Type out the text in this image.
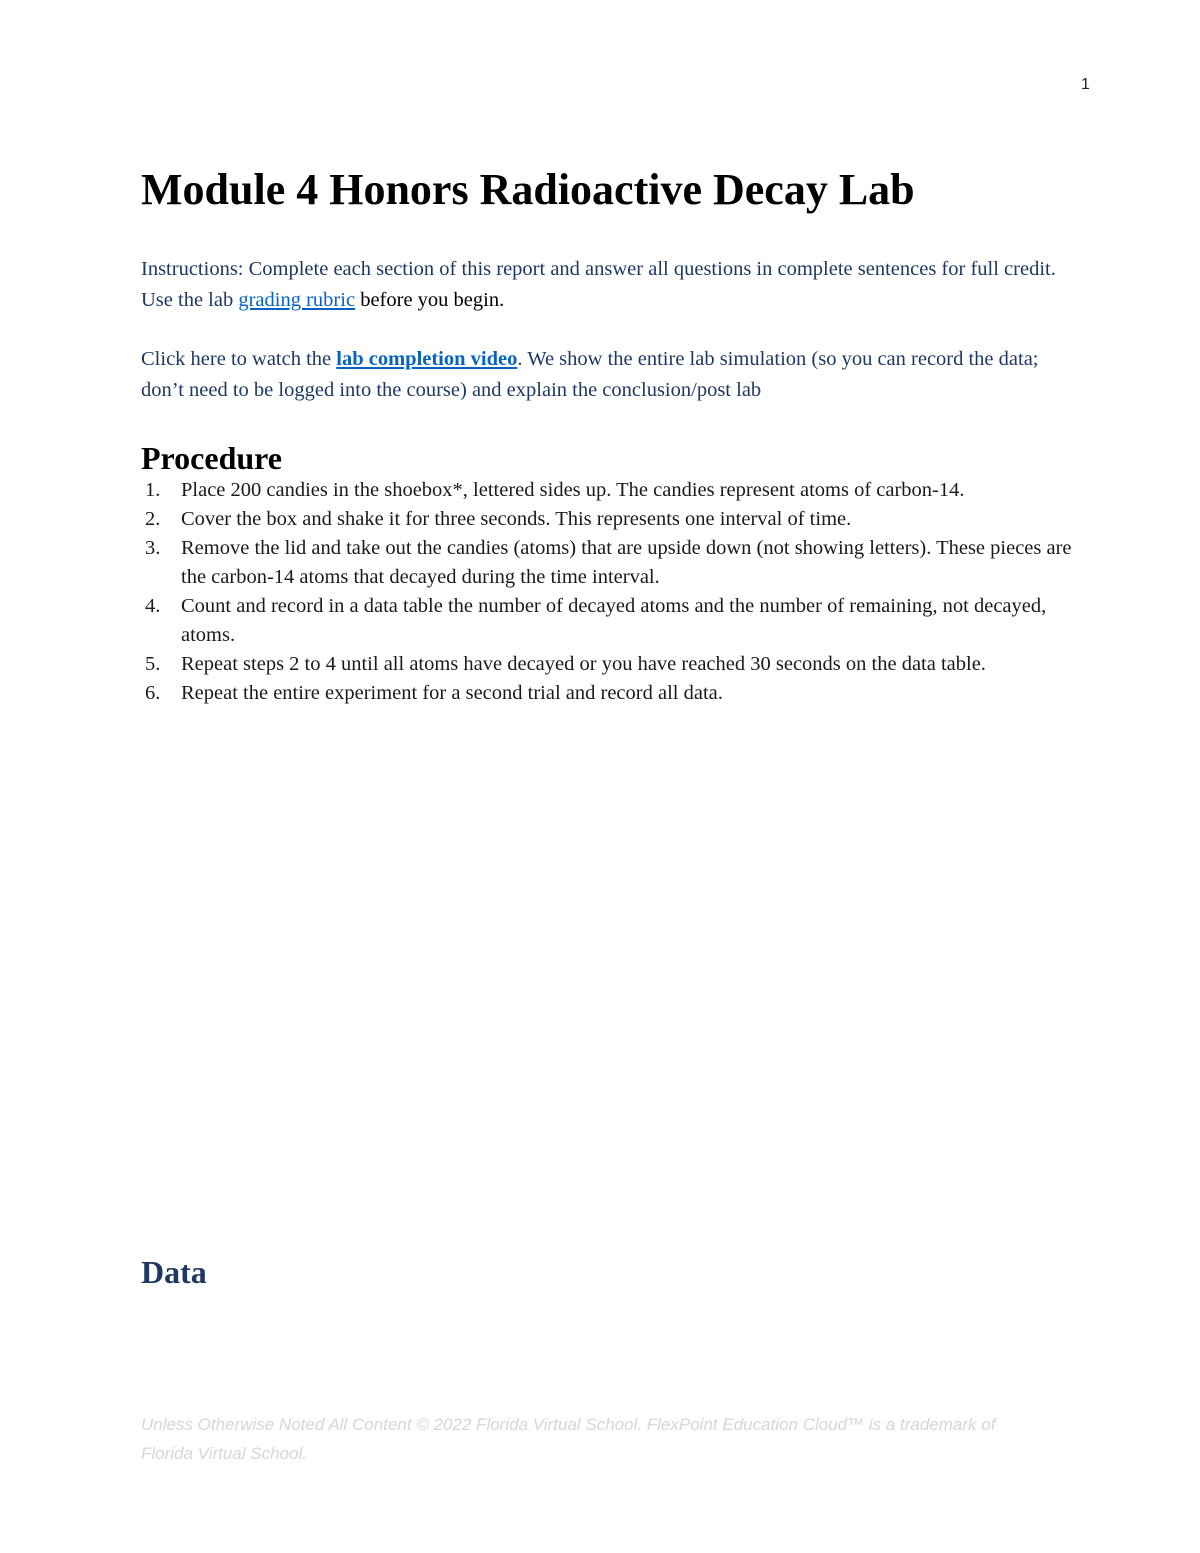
1
Module 4 Honors Radioactive Decay Lab

Instructions: Complete each section of this report and answer all questions in complete sentences for full credit. Use the lab grading rubric before you begin.

Click here to watch the lab completion video. We show the entire lab simulation (so you can record the data; don’t need to be logged into the course) and explain the conclusion/post lab

Procedure
1. Place 200 candies in the shoebox*, lettered sides up. The candies represent atoms of carbon-14.
2. Cover the box and shake it for three seconds. This represents one interval of time.
3. Remove the lid and take out the candies (atoms) that are upside down (not showing letters). These pieces are the carbon-14 atoms that decayed during the time interval.
4. Count and record in a data table the number of decayed atoms and the number of remaining, not decayed, atoms.
5. Repeat steps 2 to 4 until all atoms have decayed or you have reached 30 seconds on the data table.
6. Repeat the entire experiment for a second trial and record all data.
Data

Unless Otherwise Noted All Content © 2022 Florida Virtual School. FlexPoint Education Cloud™ is a trademark of Florida Virtual School.
